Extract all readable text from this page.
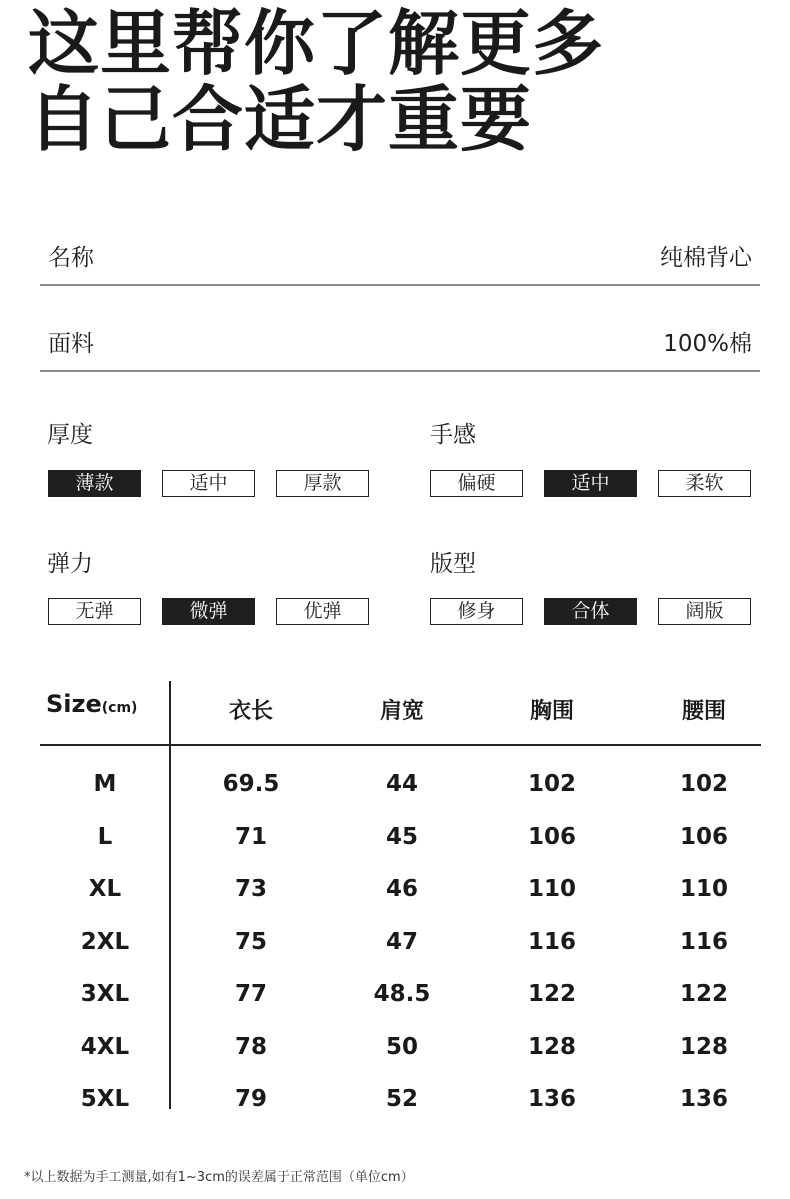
这里帮你了解更多
自己合适才重要
名称	纯棉背心
面料	100%棉
厚度
薄款	适中	厚款
手感
偏硬	适中	柔软
弹力
无弹	微弹	优弹
版型
修身	合体	阔版
Size(cm)	衣长	肩宽	胸围	腰围
M	69.5	44	102	102
L	71	45	106	106
XL	73	46	110	110
2XL	75	47	116	116
3XL	77	48.5	122	122
4XL	78	50	128	128
5XL	79	52	136	136
*以上数据为手工测量,如有1~3cm的误差属于正常范围（单位cm）
